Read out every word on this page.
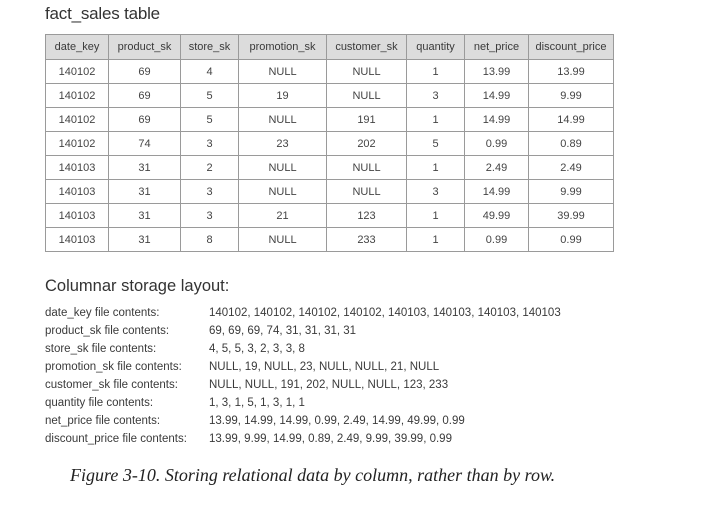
fact_sales table
date_key	product_sk	store_sk	promotion_sk	customer_sk	quantity	net_price	discount_price
140102	69	4	NULL	NULL	1	13.99	13.99
140102	69	5	19	NULL	3	14.99	9.99
140102	69	5	NULL	191	1	14.99	14.99
140102	74	3	23	202	5	0.99	0.89
140103	31	2	NULL	NULL	1	2.49	2.49
140103	31	3	NULL	NULL	3	14.99	9.99
140103	31	3	21	123	1	49.99	39.99
140103	31	8	NULL	233	1	0.99	0.99
Columnar storage layout:
date_key file contents:	140102, 140102, 140102, 140102, 140103, 140103, 140103, 140103
product_sk file contents:	69, 69, 69, 74, 31, 31, 31, 31
store_sk file contents:	4, 5, 5, 3, 2, 3, 3, 8
promotion_sk file contents:	NULL, 19, NULL, 23, NULL, NULL, 21, NULL
customer_sk file contents:	NULL, NULL, 191, 202, NULL, NULL, 123, 233
quantity file contents:	1, 3, 1, 5, 1, 3, 1, 1
net_price file contents:	13.99, 14.99, 14.99, 0.99, 2.49, 14.99, 49.99, 0.99
discount_price file contents:	13.99, 9.99, 14.99, 0.89, 2.49, 9.99, 39.99, 0.99
Figure 3-10. Storing relational data by column, rather than by row.
